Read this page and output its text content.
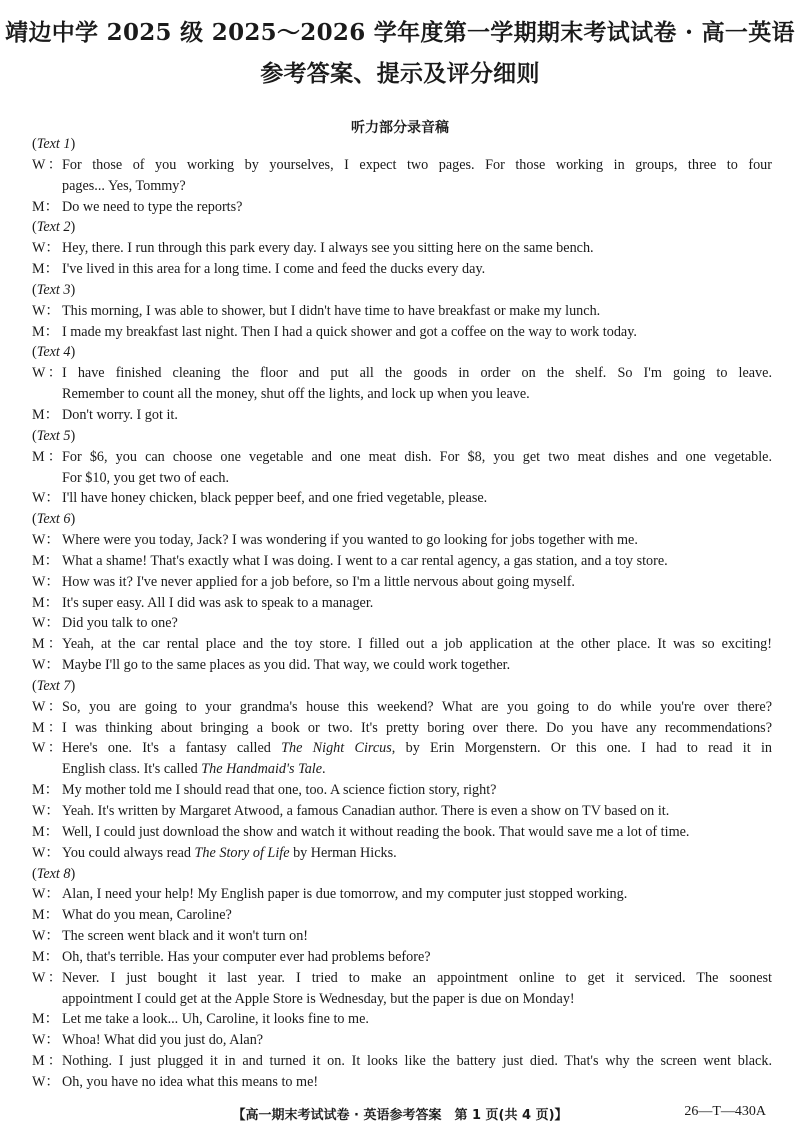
靖边中学 2025 级 2025～2026 学年度第一学期期末考试试卷 · 高一英语
参考答案、提示及评分细则
听力部分录音稿
(Text 1)
W：For those of you working by yourselves, I expect two pages. For those working in groups, three to four
pages... Yes, Tommy?
M： Do we need to type the reports?
(Text 2)
W： Hey, there. I run through this park every day. I always see you sitting here on the same bench.
M： I've lived in this area for a long time. I come and feed the ducks every day.
(Text 3)
W： This morning, I was able to shower, but I didn't have time to have breakfast or make my lunch.
M： I made my breakfast last night. Then I had a quick shower and got a coffee on the way to work today.
(Text 4)
W：I have finished cleaning the floor and put all the goods in order on the shelf. So I'm going to leave.
Remember to count all the money, shut off the lights, and lock up when you leave.
M： Don't worry. I got it.
(Text 5)
M：For $6, you can choose one vegetable and one meat dish. For $8, you get two meat dishes and one vegetable.
For $10, you get two of each.
W： I'll have honey chicken, black pepper beef, and one fried vegetable, please.
(Text 6)
W： Where were you today, Jack? I was wondering if you wanted to go looking for jobs together with me.
M： What a shame! That's exactly what I was doing. I went to a car rental agency, a gas station, and a toy store.
W： How was it? I've never applied for a job before, so I'm a little nervous about going myself.
M： It's super easy. All I did was ask to speak to a manager.
W： Did you talk to one?
M：Yeah, at the car rental place and the toy store. I filled out a job application at the other place. It was so exciting!
W： Maybe I'll go to the same places as you did. That way, we could work together.
(Text 7)
W：So, you are going to your grandma's house this weekend? What are you going to do while you're over there?
M：I was thinking about bringing a book or two. It's pretty boring over there. Do you have any recommendations?
W：Here's one. It's a fantasy called The Night Circus, by Erin Morgenstern. Or this one. I had to read it in
English class. It's called The Handmaid's Tale.
M： My mother told me I should read that one, too. A science fiction story, right?
W： Yeah. It's written by Margaret Atwood, a famous Canadian author. There is even a show on TV based on it.
M： Well, I could just download the show and watch it without reading the book. That would save me a lot of time.
W： You could always read The Story of Life by Herman Hicks.
(Text 8)
W： Alan, I need your help! My English paper is due tomorrow, and my computer just stopped working.
M： What do you mean, Caroline?
W： The screen went black and it won't turn on!
M： Oh, that's terrible. Has your computer ever had problems before?
W：Never. I just bought it last year. I tried to make an appointment online to get it serviced. The soonest
appointment I could get at the Apple Store is Wednesday, but the paper is due on Monday!
M： Let me take a look... Uh, Caroline, it looks fine to me.
W： Whoa! What did you just do, Alan?
M：Nothing. I just plugged it in and turned it on. It looks like the battery just died. That's why the screen went black.
W： Oh, you have no idea what this means to me!
【高一期末考试试卷 · 英语参考答案　第 1 页(共 4 页)】	26—T—430A
